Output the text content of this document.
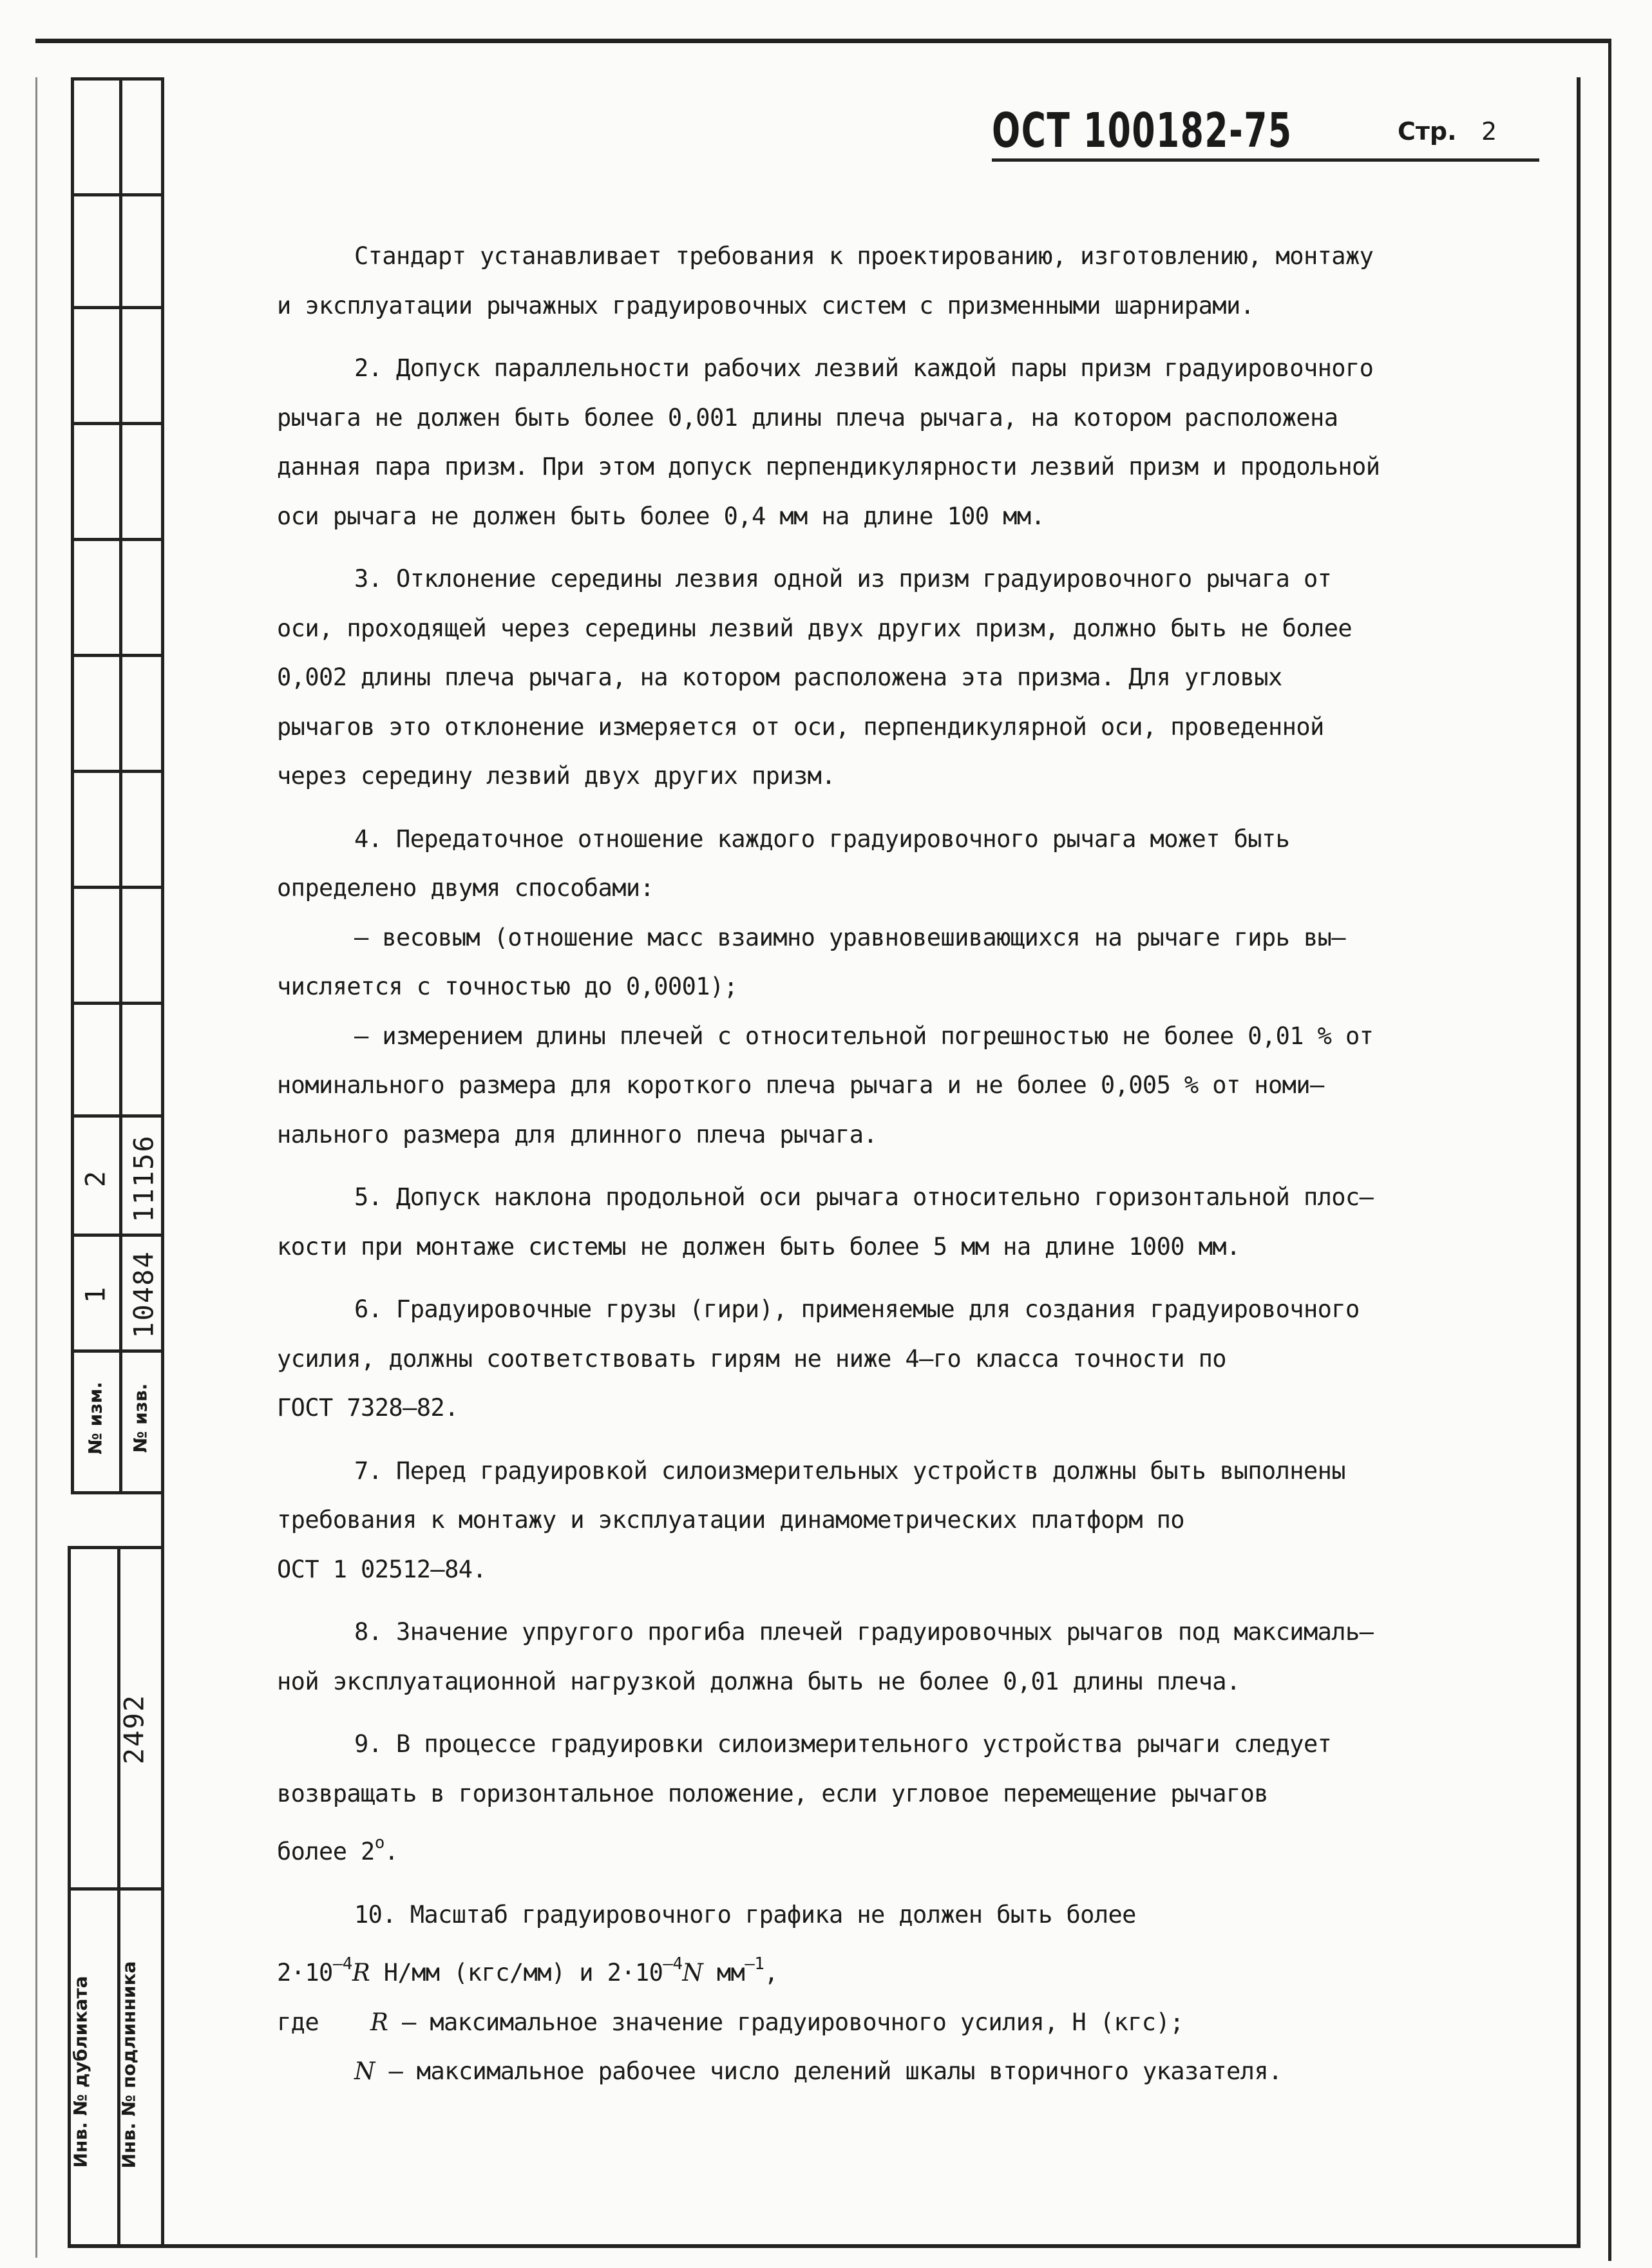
№ изм. № изв.
1 10484
2 11156
Инв. № дубликата Инв. № подлинника
2492
ОСТ 100182-75	Стр. 2
Стандарт устанавливает требования к проектированию, изготовлению, монтажу
и эксплуатации рычажных градуировочных систем с призменными шарнирами.
2. Допуск параллельности рабочих лезвий каждой пары призм градуировочного
рычага не должен быть более 0,001 длины плеча рычага, на котором расположена
данная пара призм. При этом допуск перпендикулярности лезвий призм и продольной
оси рычага не должен быть более 0,4 мм на длине 100 мм.
3. Отклонение середины лезвия одной из призм градуировочного рычага от
оси, проходящей через середины лезвий двух других призм, должно быть не более
0,002 длины плеча рычага, на котором расположена эта призма. Для угловых
рычагов это отклонение измеряется от оси, перпендикулярной оси, проведенной
через середину лезвий двух других призм.
4. Передаточное отношение каждого градуировочного рычага может быть
определено двумя способами:
– весовым (отношение масс взаимно уравновешивающихся на рычаге гирь вы–
числяется с точностью до 0,0001);
– измерением длины плечей с относительной погрешностью не более 0,01 % от
номинального размера для короткого плеча рычага и не более 0,005 % от номи–
нального размера для длинного плеча рычага.
5. Допуск наклона продольной оси рычага относительно горизонтальной плос–
кости при монтаже системы не должен быть более 5 мм на длине 1000 мм.
6. Градуировочные грузы (гири), применяемые для создания градуировочного
усилия, должны соответствовать гирям не ниже 4–го класса точности по
ГОСТ 7328–82.
7. Перед градуировкой силоизмерительных устройств должны быть выполнены
требования к монтажу и эксплуатации динамометрических платформ по
ОСТ 1 02512–84.
8. Значение упругого прогиба плечей градуировочных рычагов под максималь–
ной эксплуатационной нагрузкой должна быть не более 0,01 длины плеча.
9. В процессе градуировки силоизмерительного устройства рычаги следует
возвращать в горизонтальное положение, если угловое перемещение рычагов
более $2^о$.
10. Масштаб градуировочного графика не должен быть более
$2\cdot 10^{-4}R$ Н/мм (кгс/мм) и $2\cdot 10^{-4}N$ $мм^{-1}$,
где R – максимальное значение градуировочного усилия, Н (кгс);
N – максимальное рабочее число делений шкалы вторичного указателя.
